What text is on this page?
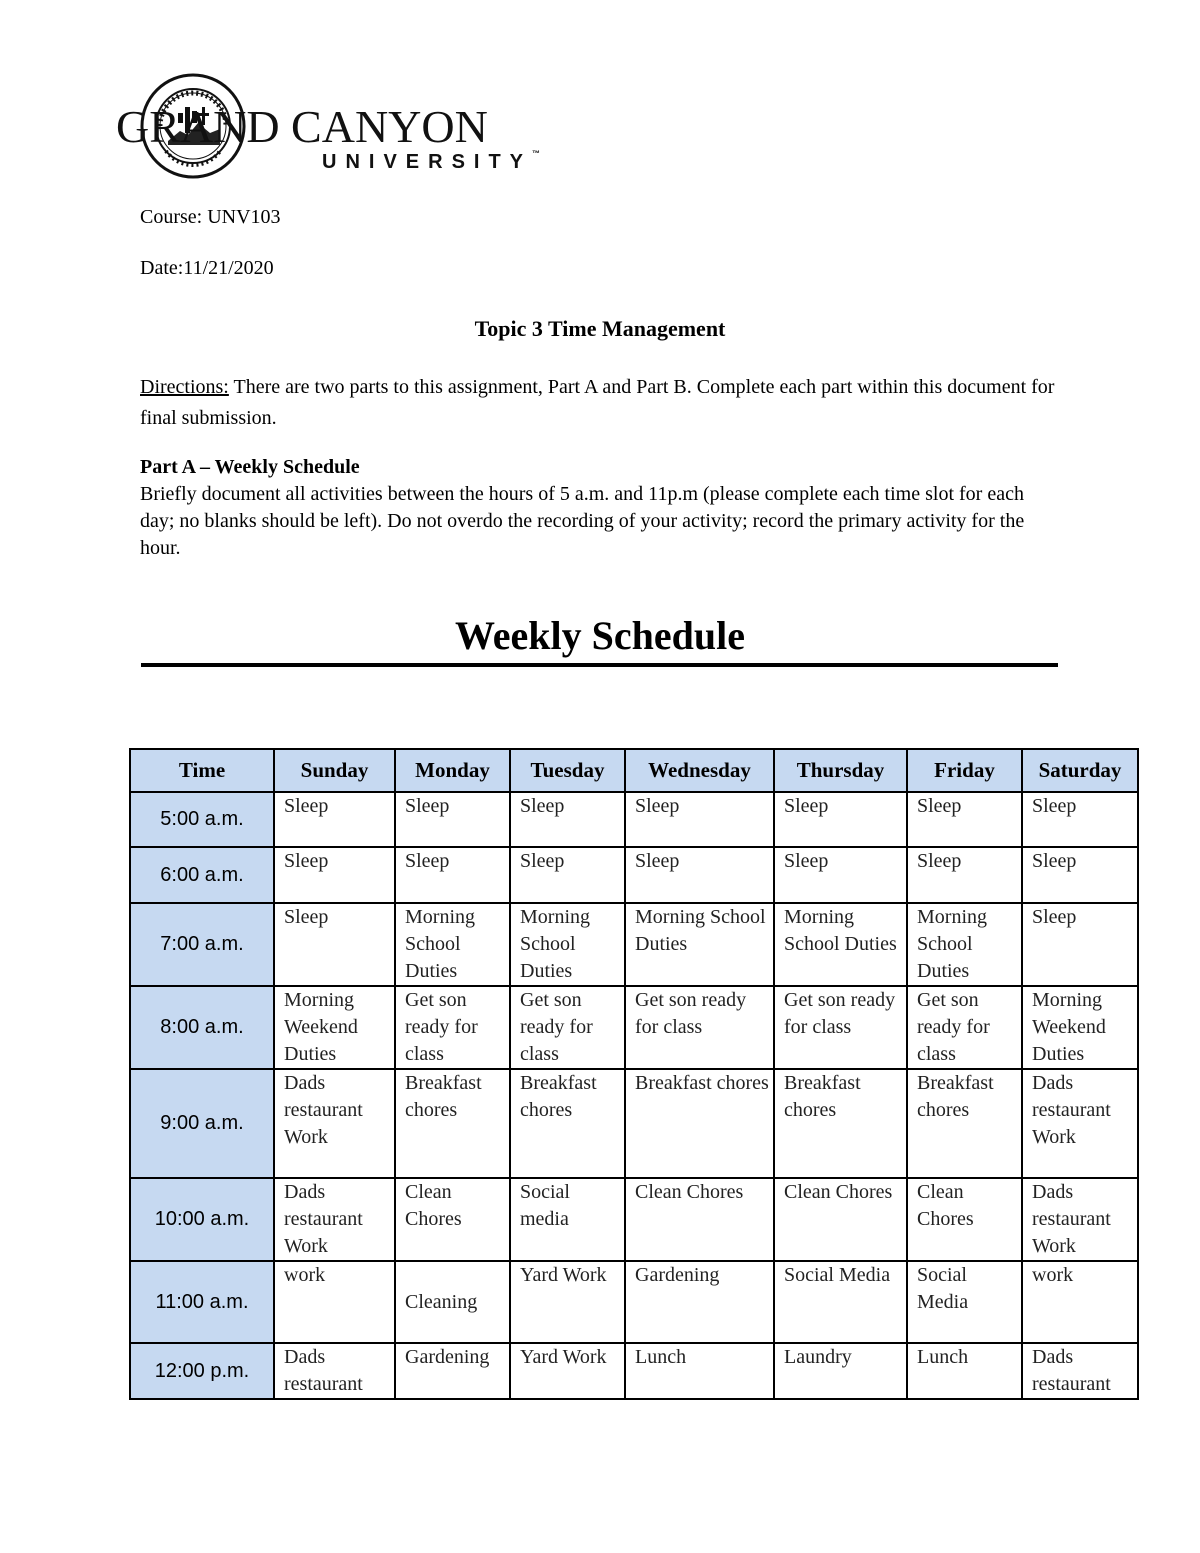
GRAND CANYON
UNIVERSITY™
Course: UNV103
Date:11/21/2020
Topic 3 Time Management
Directions: There are two parts to this assignment, Part A and Part B. Complete each part within this document for final submission.
Part A – Weekly Schedule
Briefly document all activities between the hours of 5 a.m. and 11p.m (please complete each time slot for each day; no blanks should be left). Do not overdo the recording of your activity; record the primary activity for the hour.
Weekly Schedule
Time	Sunday	Monday	Tuesday	Wednesday	Thursday	Friday	Saturday
5:00 a.m.	Sleep	Sleep	Sleep	Sleep	Sleep	Sleep	Sleep
6:00 a.m.	Sleep	Sleep	Sleep	Sleep	Sleep	Sleep	Sleep
7:00 a.m.	Sleep	Morning School Duties	Morning School Duties	Morning School Duties	Morning School Duties	Morning School Duties	Sleep
8:00 a.m.	Morning Weekend Duties	Get son ready for class	Get son ready for class	Get son ready for class	Get son ready for class	Get son ready for class	Morning Weekend Duties
9:00 a.m.	Dads restaurant Work	Breakfast chores	Breakfast chores	Breakfast chores	Breakfast chores	Breakfast chores	Dads restaurant Work
10:00 a.m.	Dads restaurant Work	Clean Chores	Social media	Clean Chores	Clean Chores	Clean Chores	Dads restaurant Work
11:00 a.m.	work	Cleaning	Yard Work	Gardening	Social Media	Social Media	work
12:00 p.m.	Dads restaurant	Gardening	Yard Work	Lunch	Laundry	Lunch	Dads restaurant
